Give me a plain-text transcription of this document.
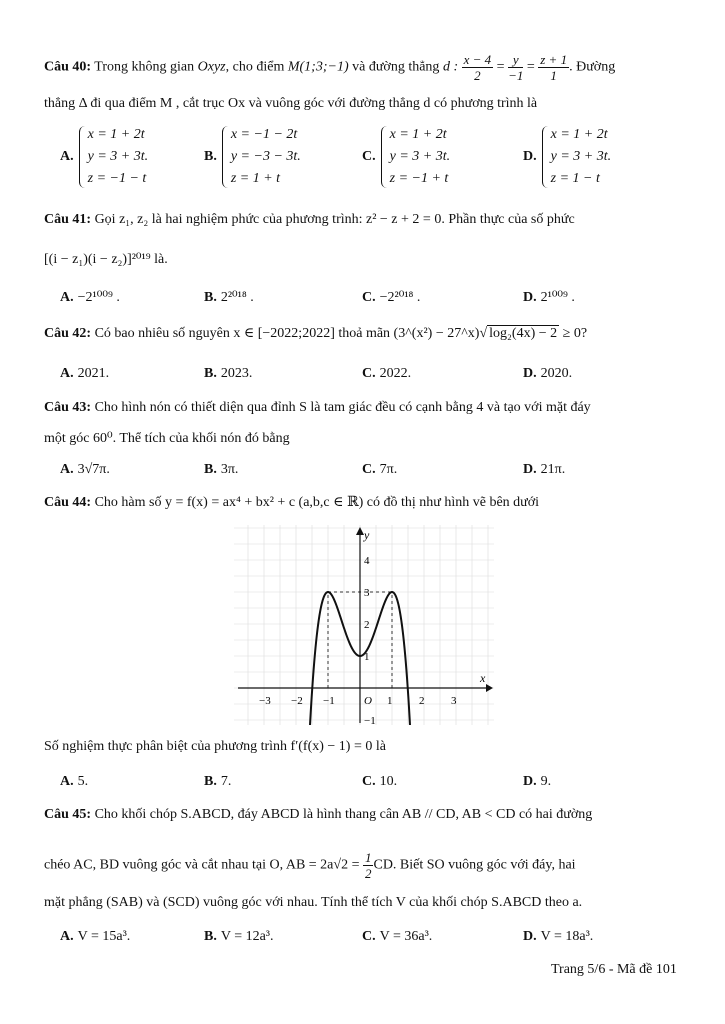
Câu 40: Trong không gian Oxyz, cho điểm M(1;3;−1) và đường thẳng d : $\frac{x - 4}{2} = \frac{y}{-1} = \frac{z + 1}{1}$ . Đường
thẳng Δ đi qua điểm M , cắt trục Ox và vuông góc với đường thẳng d có phương trình là
A.
x = 1 + 2t
y = 3 + 3t.
z = −1 − t
B.
x = −1 − 2t
y = −3 − 3t.
z = 1 + t
C.
x = 1 + 2t
y = 3 + 3t.
z = −1 + t
D.
x = 1 + 2t
y = 3 + 3t.
z = 1 − t
Câu 41: Gọi z₁, z₂ là hai nghiệm phức của phương trình: z² − z + 2 = 0. Phần thực của số phức
[(i − z₁)(i − z₂)]²⁰¹⁹ là.
A. −2¹⁰⁰⁹ .	B. 2²⁰¹⁸ .	C. −2²⁰¹⁸ .	D. 2¹⁰⁰⁹ .
Câu 42: Có bao nhiêu số nguyên x ∈ [−2022;2022] thoả mãn (3^(x²) − 27^x)√ log₂(4x) − 2 ≥ 0?
A. 2021.	B. 2023.	C. 2022.	D. 2020.
Câu 43: Cho hình nón có thiết diện qua đỉnh S là tam giác đều có cạnh bằng 4 và tạo với mặt đáy
một góc 60⁰. Thể tích của khối nón đó bằng
A. 3√7π.	B. 3π.	C. 7π.	D. 21π.
Câu 44: Cho hàm số y = f(x) = ax⁴ + bx² + c (a,b,c ∈ ℝ) có đồ thị như hình vẽ bên dưới
x
y
−3 −2 −1	O 1 2 3
4
3
2
1
−1
Số nghiệm thực phân biệt của phương trình f′(f(x) − 1) = 0 là
A. 5.	B. 7.	C. 10.	D. 9.
Câu 45: Cho khối chóp S.ABCD, đáy ABCD là hình thang cân AB // CD, AB < CD có hai đường
chéo AC, BD vuông góc và cắt nhau tại O, AB = $2a√2 = \frac{1}{2}$ CD. Biết SO vuông góc với đáy, hai
mặt phẳng (SAB) và (SCD) vuông góc với nhau. Tính thể tích V của khối chóp S.ABCD theo a.
A. V = 15a³.	B. V = 12a³.	C. V = 36a³.	D. V = 18a³.
Trang 5/6 - Mã đề 101
